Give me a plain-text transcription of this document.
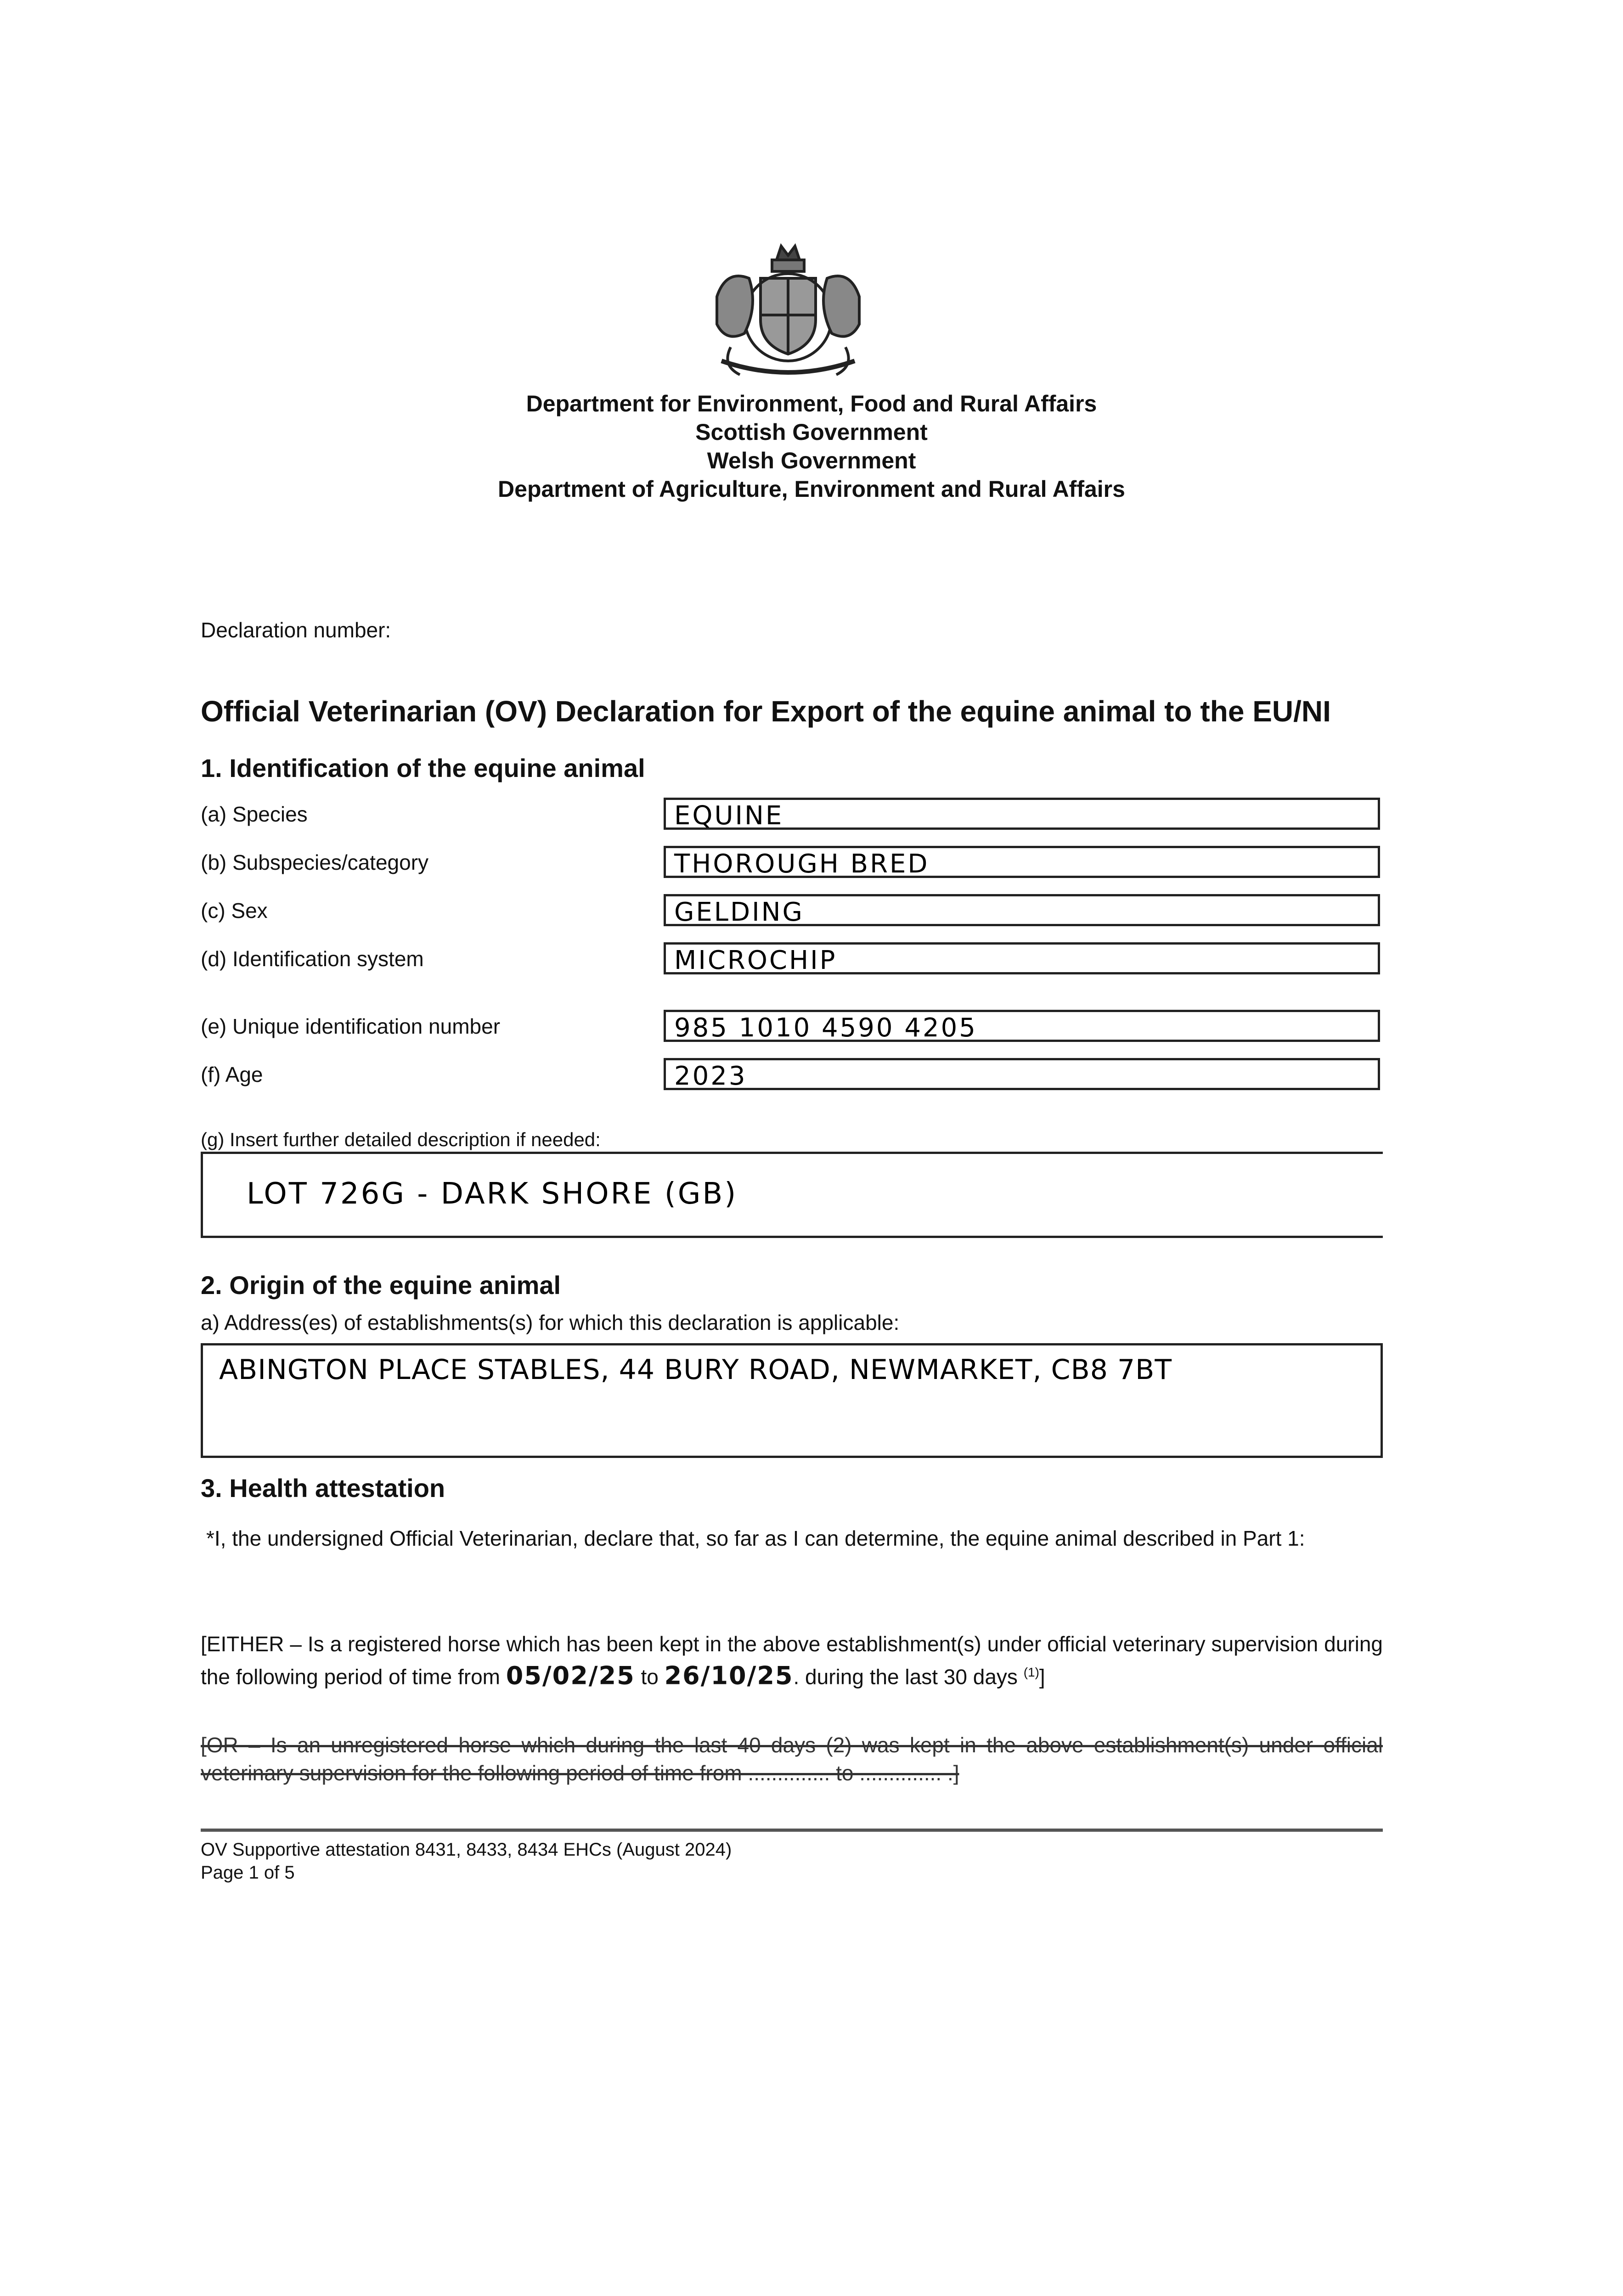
Department for Environment, Food and Rural Affairs
Scottish Government
Welsh Government
Department of Agriculture, Environment and Rural Affairs
Declaration number:
Official Veterinarian (OV) Declaration for Export of the equine animal to the EU/NI
1. Identification of the equine animal
(a) Species	EQUINE
(b) Subspecies/category	THOROUGH BRED
(c) Sex	GELDING
(d) Identification system	MICROCHIP
(e) Unique identification number	985 1010 4590 4205
(f) Age	2023
(g) Insert further detailed description if needed:
LOT 726G - DARK SHORE (GB)
2. Origin of the equine animal
a) Address(es) of establishments(s) for which this declaration is applicable:
ABINGTON PLACE STABLES, 44 BURY ROAD, NEWMARKET, CB8 7BT
3. Health attestation
*I, the undersigned Official Veterinarian, declare that, so far as I can determine, the equine animal described in Part 1:
[EITHER – Is a registered horse which has been kept in the above establishment(s) under official veterinary supervision during the following period of time from 05/02/25 to 26/10/25. during the last 30 days $^{(1)}$]
[OR – Is an unregistered horse which during the last 40 days (2) was kept in the above establishment(s) under official veterinary supervision for the following period of time from .............. to .............. .]
OV Supportive attestation 8431, 8433, 8434 EHCs (August 2024)
Page 1 of 5
